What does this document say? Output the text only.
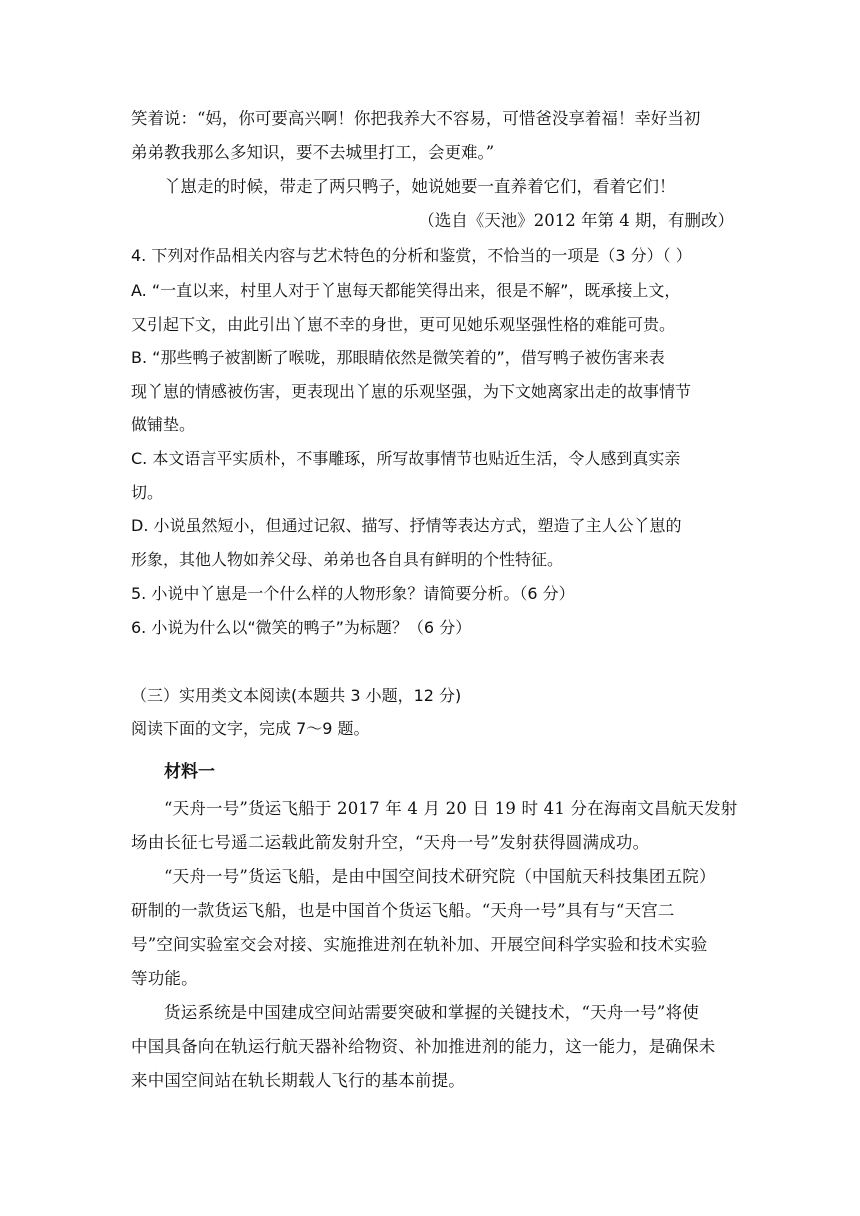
笑着说：“妈，你可要高兴啊！你把我养大不容易，可惜爸没享着福！幸好当初
弟弟教我那么多知识，要不去城里打工，会更难。”
丫崽走的时候，带走了两只鸭子，她说她要一直养着它们，看着它们！
（选自《天池》2012 年第 4 期，有删改）
4. 下列对作品相关内容与艺术特色的分析和鉴赏，不恰当的一项是（3 分）（ ）
A. “一直以来，村里人对于丫崽每天都能笑得出来，很是不解”，既承接上文，
又引起下文，由此引出丫崽不幸的身世，更可见她乐观坚强性格的难能可贵。
B. “那些鸭子被割断了喉咙，那眼睛依然是微笑着的”，借写鸭子被伤害来表
现丫崽的情感被伤害，更表现出丫崽的乐观坚强，为下文她离家出走的故事情节
做铺垫。
C. 本文语言平实质朴，不事雕琢，所写故事情节也贴近生活，令人感到真实亲
切。
D. 小说虽然短小，但通过记叙、描写、抒情等表达方式，塑造了主人公丫崽的
形象，其他人物如养父母、弟弟也各自具有鲜明的个性特征。
5. 小说中丫崽是一个什么样的人物形象？请简要分析。（6 分）
6. 小说为什么以“微笑的鸭子”为标题？（6 分）
（三）实用类文本阅读(本题共 3 小题，12 分)
阅读下面的文字，完成 7～9 题。
材料一
“天舟一号”货运飞船于 2017 年 4 月 20 日 19 时 41 分在海南文昌航天发射
场由长征七号遥二运载此箭发射升空，“天舟一号”发射获得圆满成功。
“天舟一号”货运飞船，是由中国空间技术研究院（中国航天科技集团五院）
研制的一款货运飞船，也是中国首个货运飞船。“天舟一号”具有与“天宫二
号”空间实验室交会对接、实施推进剂在轨补加、开展空间科学实验和技术实验
等功能。
货运系统是中国建成空间站需要突破和掌握的关键技术，“天舟一号”将使
中国具备向在轨运行航天器补给物资、补加推进剂的能力，这一能力，是确保未
来中国空间站在轨长期载人飞行的基本前提。
